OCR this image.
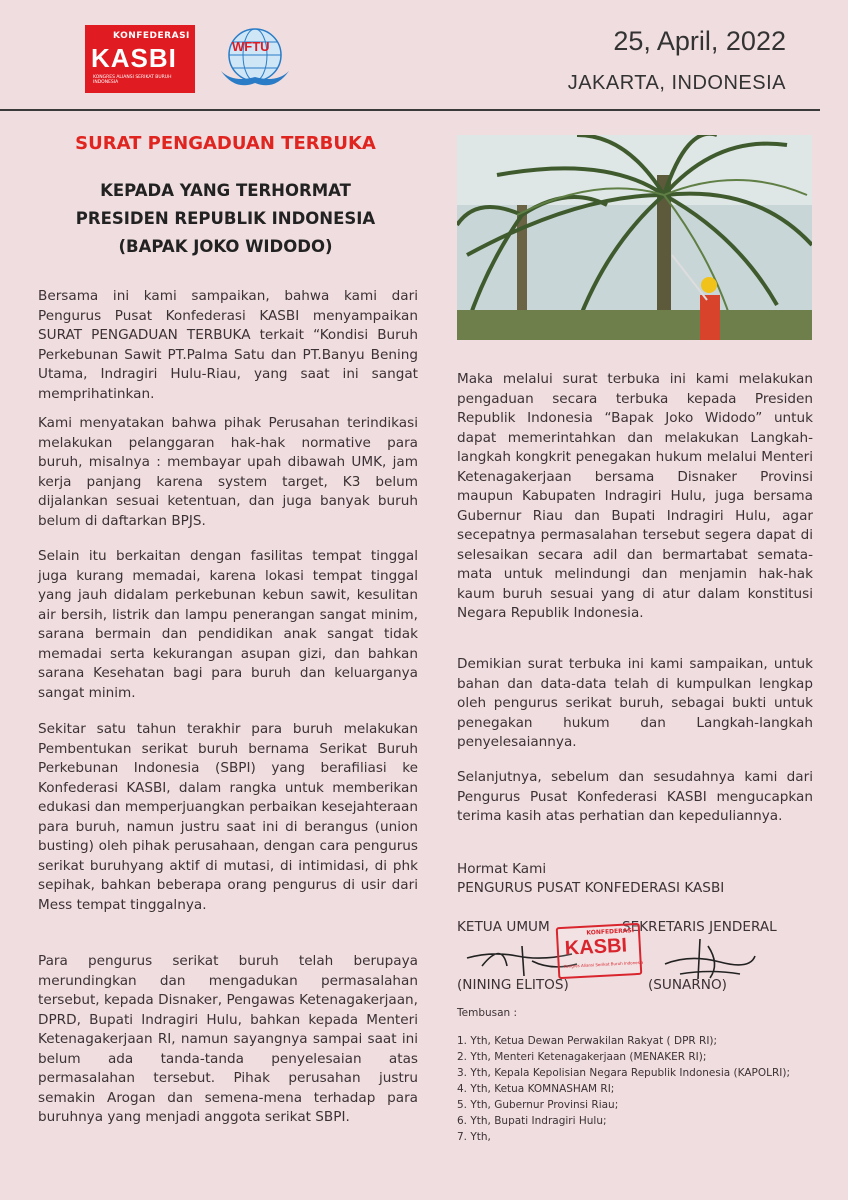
KONFEDERASI
KASBI
KONGRES ALIANSI SERIKAT BURUH INDONESIA
WFTU	25, April, 2022
JAKARTA, INDONESIA
SURAT PENGADUAN TERBUKA
KEPADA YANG TERHORMAT
PRESIDEN REPUBLIK INDONESIA
(BAPAK JOKO WIDODO)
Bersama ini kami sampaikan, bahwa kami dari Pengurus Pusat Konfederasi KASBI menyampaikan SURAT PENGADUAN TERBUKA terkait “Kondisi Buruh Perkebunan Sawit PT.Palma Satu dan PT.Banyu Bening Utama, Indragiri Hulu-Riau, yang saat ini sangat memprihatinkan.
Kami menyatakan bahwa pihak Perusahan terindikasi melakukan pelanggaran hak-hak normative para buruh, misalnya : membayar upah dibawah UMK, jam kerja panjang karena system target, K3 belum dijalankan sesuai ketentuan, dan juga banyak buruh belum di daftarkan BPJS.
Selain itu berkaitan dengan fasilitas tempat tinggal juga kurang memadai, karena lokasi tempat tinggal yang jauh didalam perkebunan kebun sawit, kesulitan air bersih, listrik dan lampu penerangan sangat minim, sarana bermain dan pendidikan anak sangat tidak memadai serta kekurangan asupan gizi, dan bahkan sarana Kesehatan bagi para buruh dan keluarganya sangat minim.
Sekitar satu tahun terakhir para buruh melakukan Pembentukan serikat buruh bernama Serikat Buruh Perkebunan Indonesia (SBPI) yang berafiliasi ke Konfederasi KASBI, dalam rangka untuk memberikan edukasi dan memperjuangkan perbaikan kesejahteraan para buruh, namun justru saat ini di berangus (union busting) oleh pihak perusahaan, dengan cara pengurus serikat buruhyang aktif di mutasi, di intimidasi, di phk sepihak, bahkan beberapa orang pengurus di usir dari Mess tempat tinggalnya.
Para pengurus serikat buruh telah berupaya merundingkan dan mengadukan permasalahan tersebut, kepada Disnaker, Pengawas Ketenagakerjaan, DPRD, Bupati Indragiri Hulu, bahkan kepada Menteri Ketenagakerjaan RI, namun sayangnya sampai saat ini belum ada tanda-tanda penyelesaian atas permasalahan tersebut. Pihak perusahan justru semakin Arogan dan semena-mena terhadap para buruhnya yang menjadi anggota serikat SBPI.
Maka melalui surat terbuka ini kami melakukan pengaduan secara terbuka kepada Presiden Republik Indonesia “Bapak Joko Widodo” untuk dapat memerintahkan dan melakukan Langkah-langkah kongkrit penegakan hukum melalui Menteri Ketenagakerjaan bersama Disnaker Provinsi maupun Kabupaten Indragiri Hulu, juga bersama Gubernur Riau dan Bupati Indragiri Hulu, agar secepatnya permasalahan tersebut segera dapat di selesaikan secara adil dan bermartabat semata-mata untuk melindungi dan menjamin hak-hak kaum buruh sesuai yang di atur dalam konstitusi Negara Republik Indonesia.
Demikian surat terbuka ini kami sampaikan, untuk bahan dan data-data telah di kumpulkan lengkap oleh pengurus serikat buruh, sebagai bukti untuk penegakan hukum dan Langkah-langkah penyelesaiannya.
Selanjutnya, sebelum dan sesudahnya kami dari Pengurus Pusat Konfederasi KASBI mengucapkan terima kasih atas perhatian dan kepeduliannya.
Hormat Kami
PENGURUS PUSAT KONFEDERASI KASBI
KETUA UMUM	SEKRETARIS JENDERAL
KONFEDERASI
KASBI
Kongres Aliansi Serikat Buruh Indonesia
(NINING ELITOS)	(SUNARNO)
Tembusan :
1. Yth, Ketua Dewan Perwakilan Rakyat ( DPR RI);
2. Yth, Menteri Ketenagakerjaan (MENAKER RI);
3. Yth, Kepala Kepolisian Negara Republik Indonesia (KAPOLRI);
4. Yth, Ketua KOMNASHAM RI;
5. Yth, Gubernur Provinsi Riau;
6. Yth, Bupati Indragiri Hulu;
7. Yth,
